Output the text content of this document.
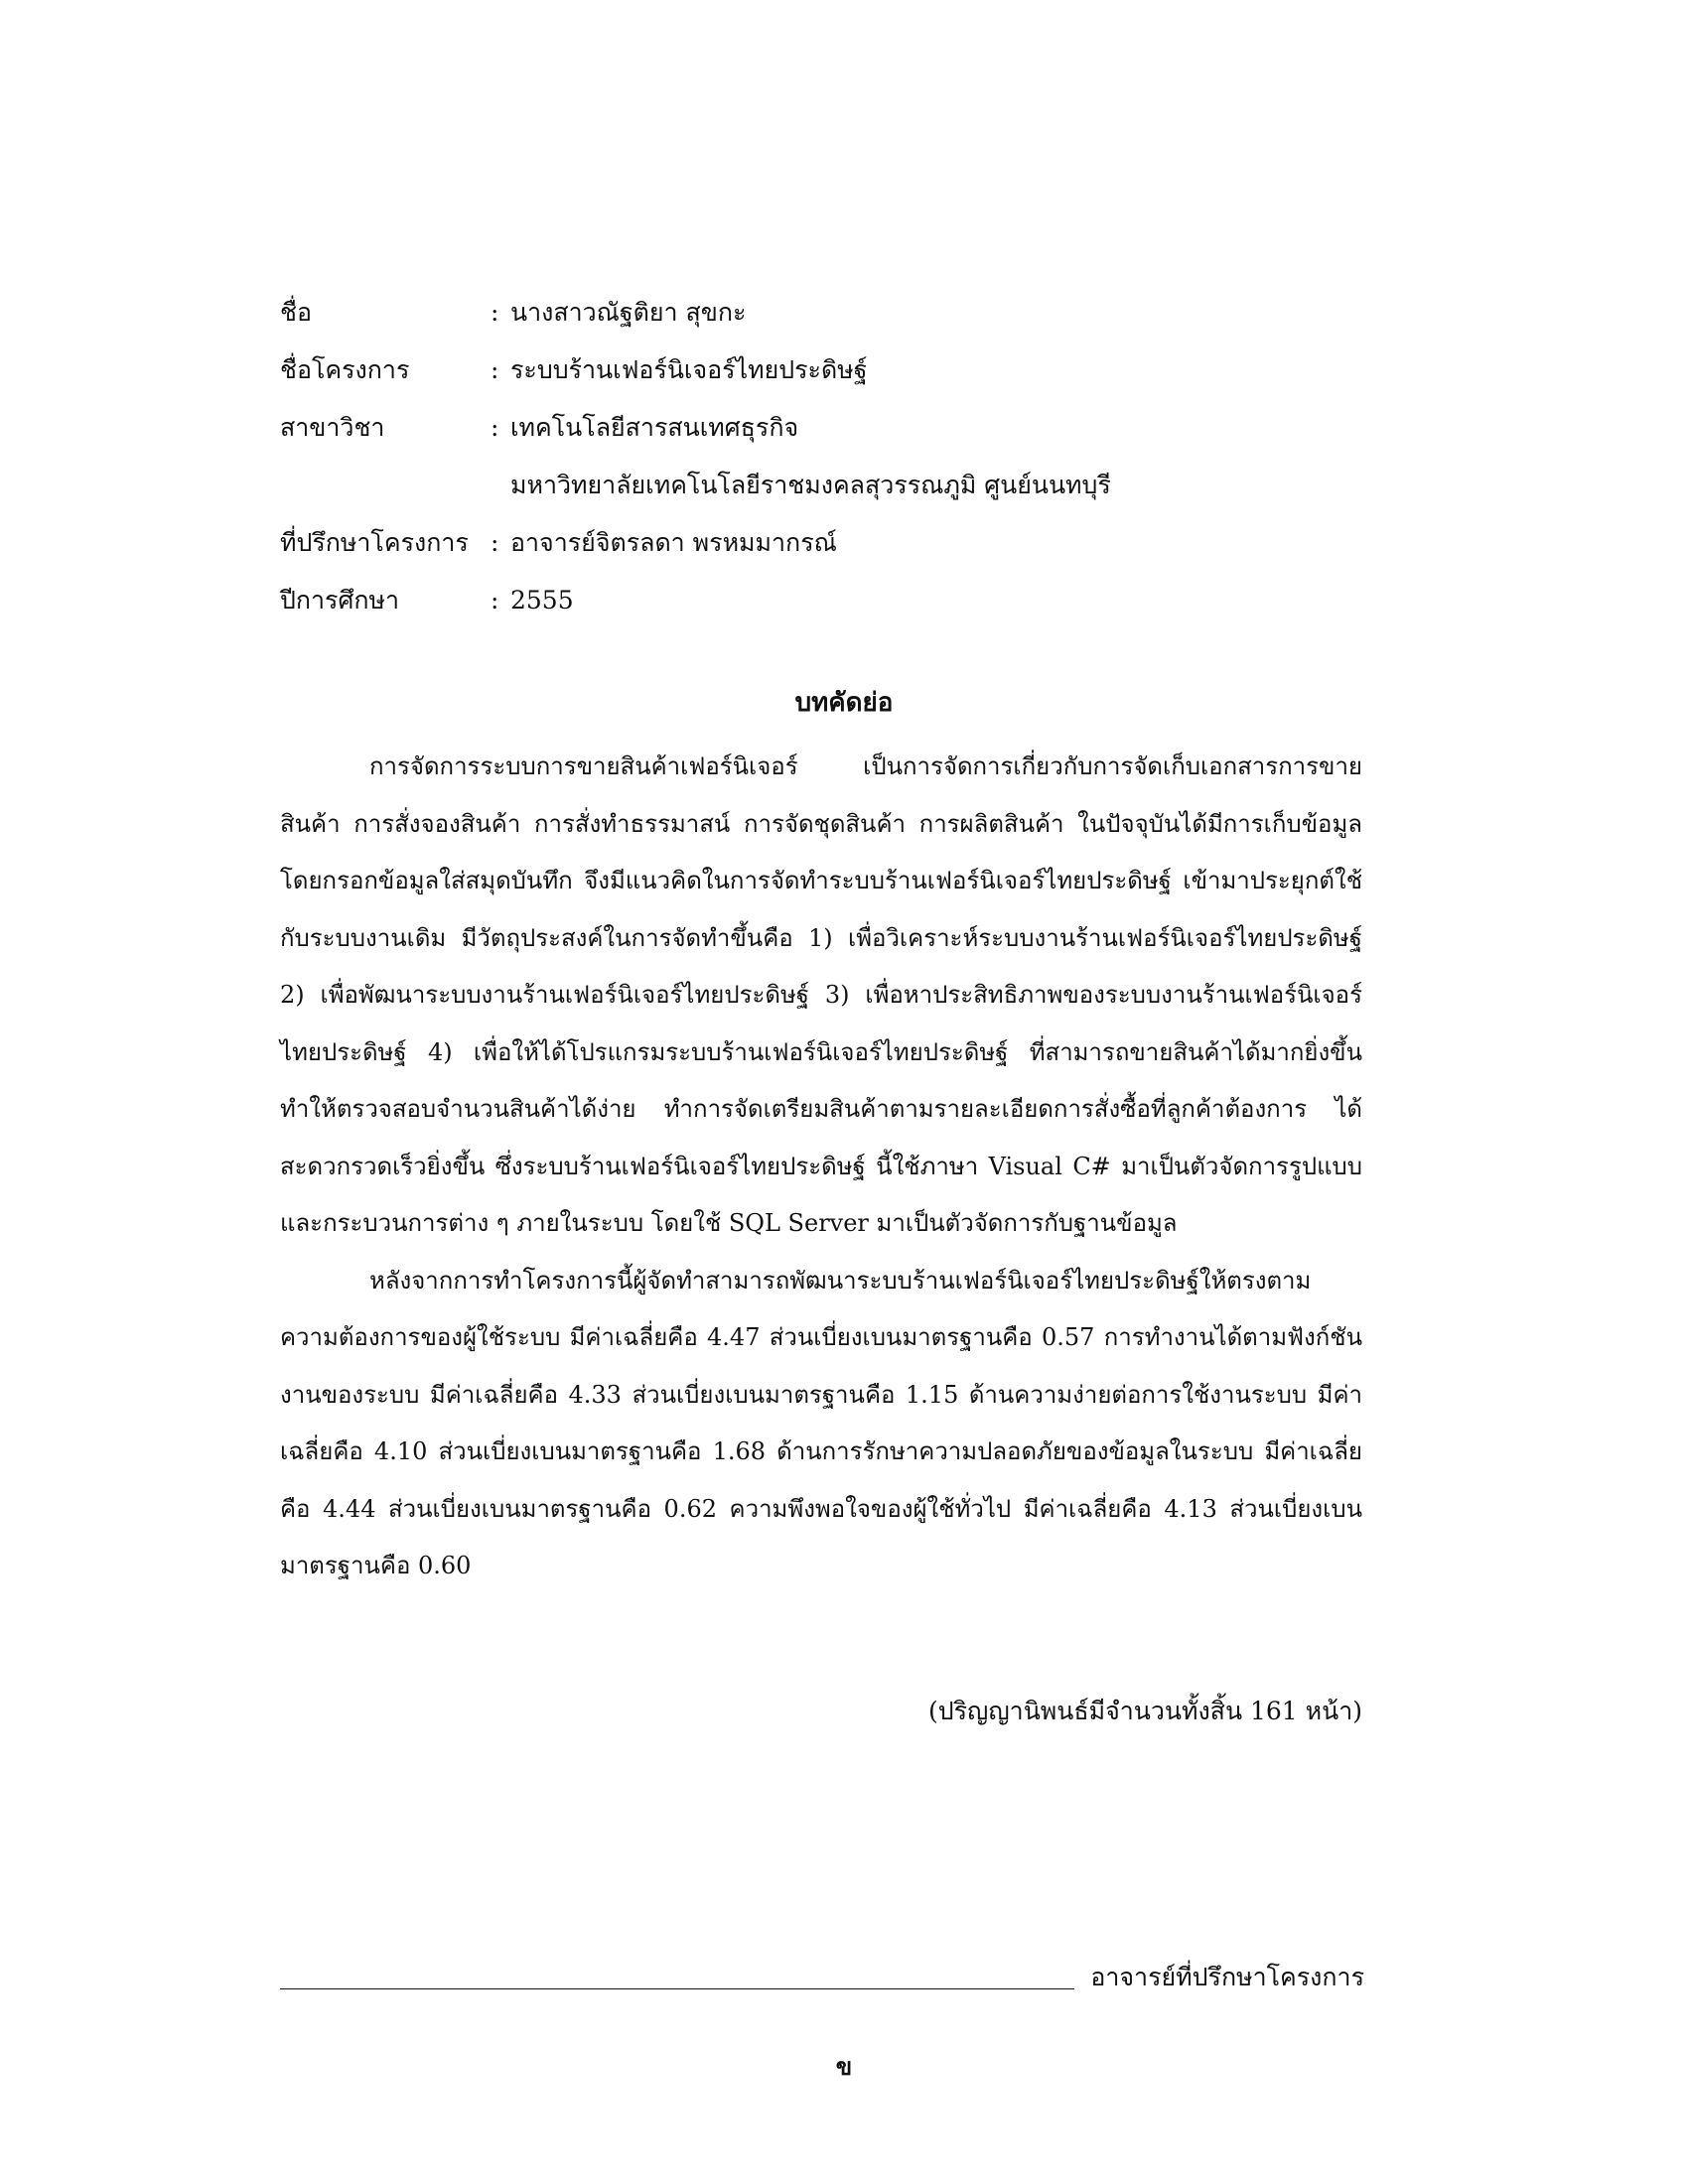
ชื่อ	: นางสาวณัฐติยา สุขกะ
ชื่อโครงการ	: ระบบร้านเฟอร์นิเจอร์ไทยประดิษฐ์
สาขาวิชา	: เทคโนโลยีสารสนเทศธุรกิจ
มหาวิทยาลัยเทคโนโลยีราชมงคลสุวรรณภูมิ ศูนย์นนทบุรี
ที่ปรึกษาโครงการ : อาจารย์จิตรลดา พรหมมากรณ์
ปีการศึกษา	: 2555
บทคัดย่อ

การจัดการระบบการขายสินค้าเฟอร์นิเจอร์ เป็นการจัดการเกี่ยวกับการจัดเก็บเอกสารการขายสินค้า การสั่งจองสินค้า การสั่งทำธรรมาสน์ การจัดชุดสินค้า การผลิตสินค้า ในปัจจุบันได้มีการเก็บข้อมูลโดยกรอกข้อมูลใส่สมุดบันทึก จึงมีแนวคิดในการจัดทำระบบร้านเฟอร์นิเจอร์ไทยประดิษฐ์ เข้ามาประยุกต์ใช้กับระบบงานเดิม มีวัตถุประสงค์ในการจัดทำขึ้นคือ 1) เพื่อวิเคราะห์ระบบงานร้านเฟอร์นิเจอร์ไทยประดิษฐ์ 2) เพื่อพัฒนาระบบงานร้านเฟอร์นิเจอร์ไทยประดิษฐ์ 3) เพื่อหาประสิทธิภาพของระบบงานร้านเฟอร์นิเจอร์ไทยประดิษฐ์ 4) เพื่อให้ได้โปรแกรมระบบร้านเฟอร์นิเจอร์ไทยประดิษฐ์ ที่สามารถขายสินค้าได้มากยิ่งขึ้นทำให้ตรวจสอบจำนวนสินค้าได้ง่าย ทำการจัดเตรียมสินค้าตามรายละเอียดการสั่งซื้อที่ลูกค้าต้องการ ได้สะดวกรวดเร็วยิ่งขึ้น ซึ่งระบบร้านเฟอร์นิเจอร์ไทยประดิษฐ์ นี้ใช้ภาษา Visual C# มาเป็นตัวจัดการรูปแบบและกระบวนการต่าง ๆ ภายในระบบ โดยใช้ SQL Server มาเป็นตัวจัดการกับฐานข้อมูล

หลังจากการทำโครงการนี้ผู้จัดทำสามารถพัฒนาระบบร้านเฟอร์นิเจอร์ไทยประดิษฐ์ให้ตรงตามความต้องการของผู้ใช้ระบบ มีค่าเฉลี่ยคือ 4.47 ส่วนเบี่ยงเบนมาตรฐานคือ 0.57 การทำงานได้ตามฟังก์ชันงานของระบบ มีค่าเฉลี่ยคือ 4.33 ส่วนเบี่ยงเบนมาตรฐานคือ 1.15 ด้านความง่ายต่อการใช้งานระบบ มีค่าเฉลี่ยคือ 4.10 ส่วนเบี่ยงเบนมาตรฐานคือ 1.68 ด้านการรักษาความปลอดภัยของข้อมูลในระบบ มีค่าเฉลี่ยคือ 4.44 ส่วนเบี่ยงเบนมาตรฐานคือ 0.62 ความพึงพอใจของผู้ใช้ทั่วไป มีค่าเฉลี่ยคือ 4.13 ส่วนเบี่ยงเบนมาตรฐานคือ 0.60

(ปริญญานิพนธ์มีจำนวนทั้งสิ้น 161 หน้า)
อาจารย์ที่ปรึกษาโครงการ
ข
